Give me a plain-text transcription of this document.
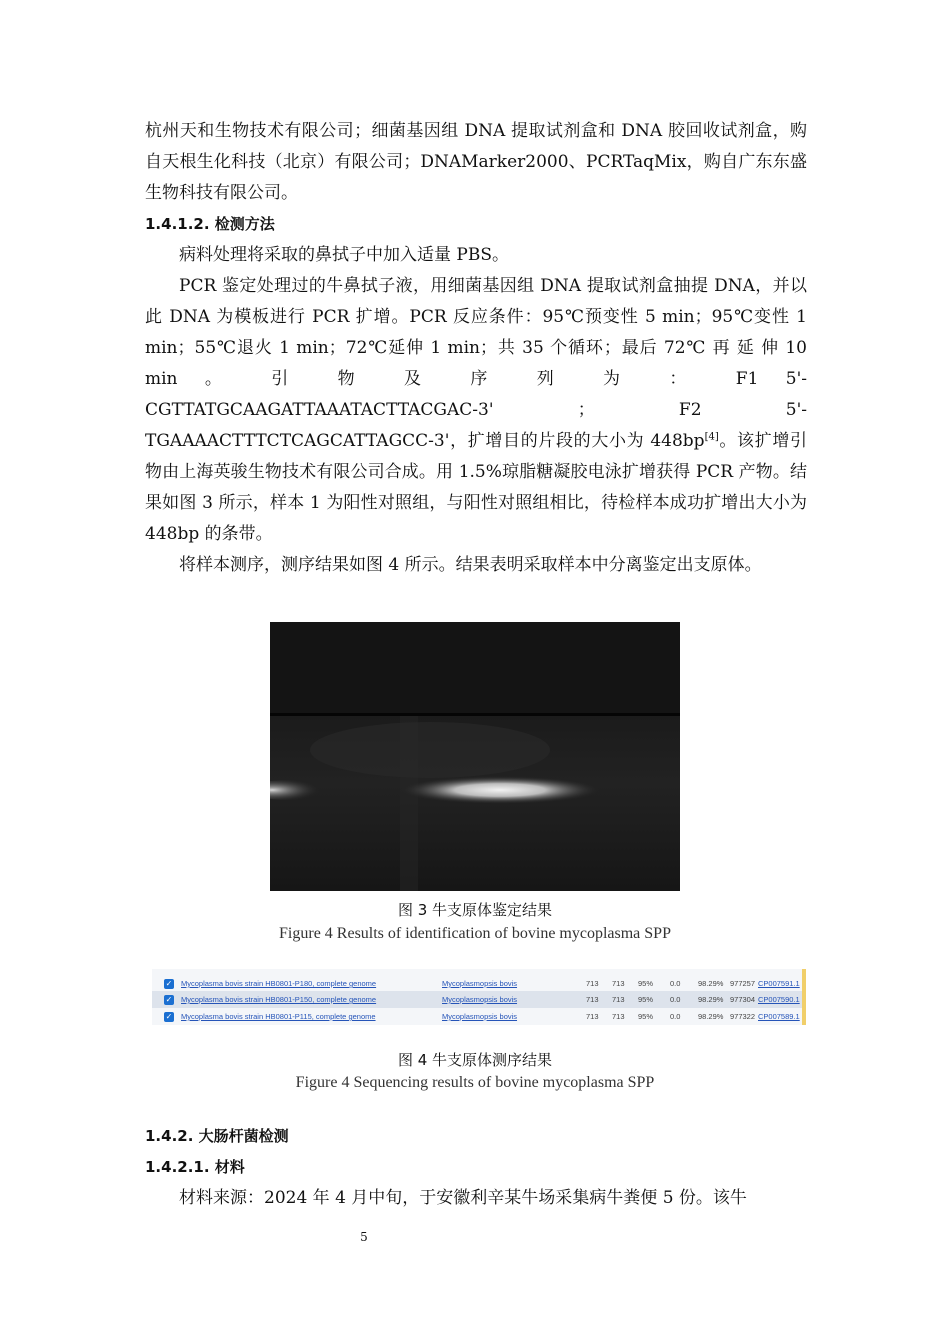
杭州天和生物技术有限公司；细菌基因组 DNA 提取试剂盒和 DNA 胶回收试剂盒，购自天根生化科技（北京）有限公司；DNAMarker2000、PCRTaqMix，购自广东东盛生物科技有限公司。

1.4.1.2. 检测方法

病料处理将采取的鼻拭子中加入适量 PBS。

PCR 鉴定处理过的牛鼻拭子液，用细菌基因组 DNA 提取试剂盒抽提 DNA，并以此 DNA 为模板进行 PCR 扩增。PCR 反应条件：95℃预变性 5 min；95℃变性 1 min；55℃退火 1 min；72℃延伸 1 min；共 35 个循环；最后 72℃ 再 延 伸 10 min 。 引 物 及 序 列 为 ： F1 5'-

CGTTATGCAAGATTAAATACTTACGAC-3' ； F2 5'-

TGAAAACTTTCTCAGCATTAGCC-3'，扩增目的片段的大小为 448bp[4]。该扩增引物由上海英骏生物技术有限公司合成。用 1.5%琼脂糖凝胶电泳扩增获得 PCR 产物。结果如图 3 所示，样本 1 为阳性对照组，与阳性对照组相比，待检样本成功扩增出大小为 448bp 的条带。

将样本测序，测序结果如图 4 所示。结果表明采取样本中分离鉴定出支原体。

图 3 牛支原体鉴定结果
Figure 4 Results of identification of bovine mycoplasma SPP
✓ Mycoplasma bovis strain HB0801-P180, complete genome	Mycoplasmopsis bovis	713 713 95% 0.0 98.29% 977257 CP007591.1
✓ Mycoplasma bovis strain HB0801-P150, complete genome	Mycoplasmopsis bovis	713 713 95% 0.0 98.29% 977304 CP007590.1
✓ Mycoplasma bovis strain HB0801-P115, complete genome	Mycoplasmopsis bovis	713 713 95% 0.0 98.29% 977322 CP007589.1
图 4 牛支原体测序结果
Figure 4 Sequencing results of bovine mycoplasma SPP
1.4.2. 大肠杆菌检测
1.4.2.1. 材料

材料来源：2024 年 4 月中旬，于安徽利辛某牛场采集病牛粪便 5 份。该牛

5
